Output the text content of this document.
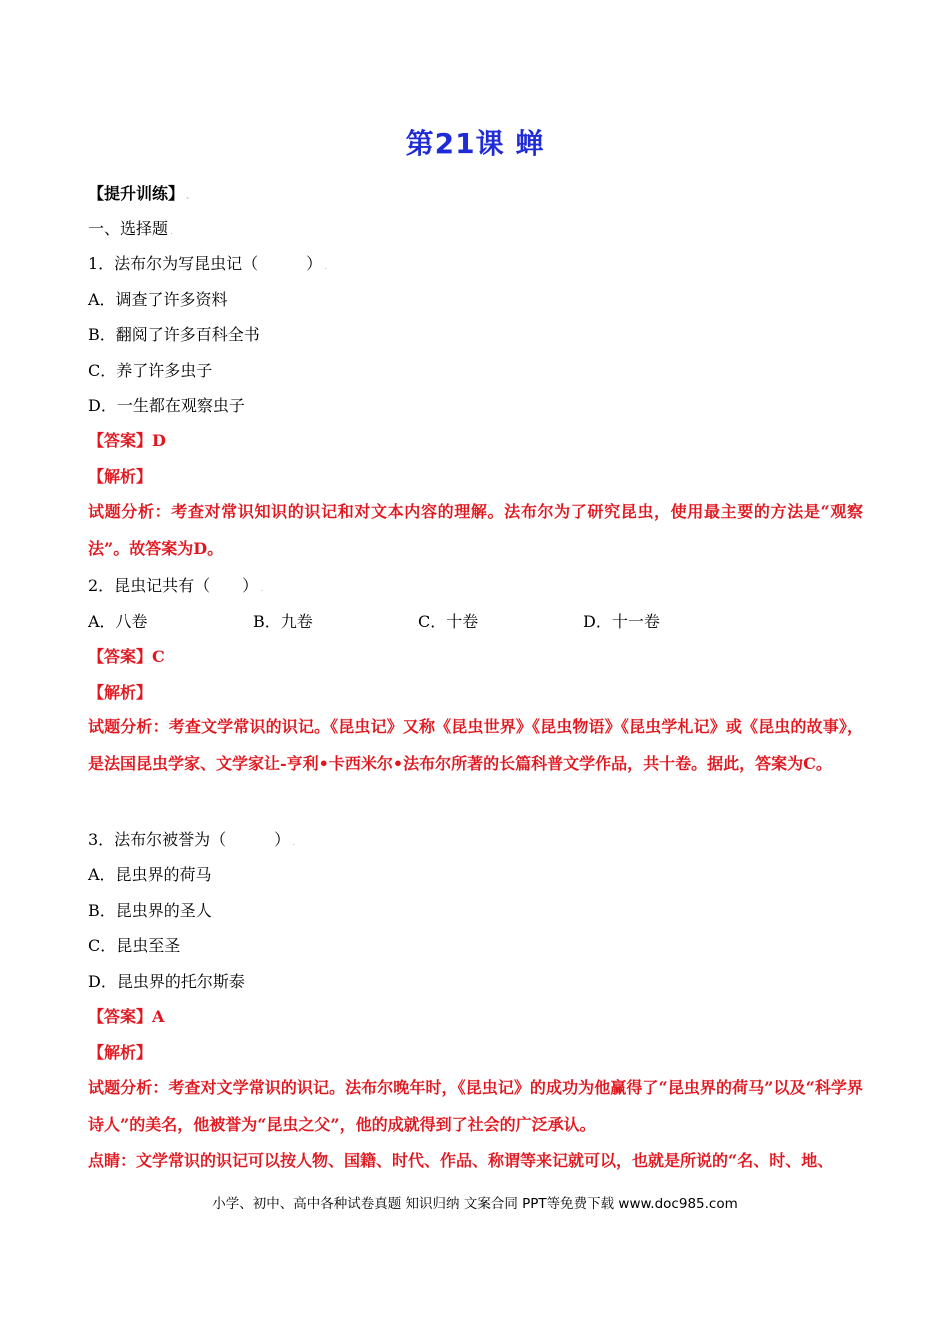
第21课 蝉
【提升训练】 .
一、选择题 .
1．法布尔为写昆虫记（　　　） .
A．调查了许多资料
B．翻阅了许多百科全书
C．养了许多虫子
D．一生都在观察虫子
【答案】D
【解析】
试题分析：考查对常识知识的识记和对文本内容的理解。法布尔为了研究昆虫，使用最主要的方法是“观察法”。故答案为D。
2．昆虫记共有（　　） .
A．八卷	B．九卷	C．十卷	D．十一卷
【答案】C
【解析】
试题分析：考查文学常识的识记。《昆虫记》又称《昆虫世界》《昆虫物语》《昆虫学札记》或《昆虫的故事》，是法国昆虫学家、文学家让-亨利•卡西米尔•法布尔所著的长篇科普文学作品，共十卷。据此，答案为C。
3．法布尔被誉为（　　　） .
A．昆虫界的荷马
B．昆虫界的圣人
C．昆虫至圣
D．昆虫界的托尔斯泰
【答案】A
【解析】
试题分析：考查对文学常识的识记。法布尔晚年时，《昆虫记》的成功为他赢得了“昆虫界的荷马”以及“科学界诗人”的美名，他被誉为“昆虫之父”，他的成就得到了社会的广泛承认。
点睛：文学常识的识记可以按人物、国籍、时代、作品、称谓等来记就可以，也就是所说的“名、时、地、
小学、初中、高中各种试卷真题 知识归纳 文案合同 PPT等免费下载 www.doc985.com
